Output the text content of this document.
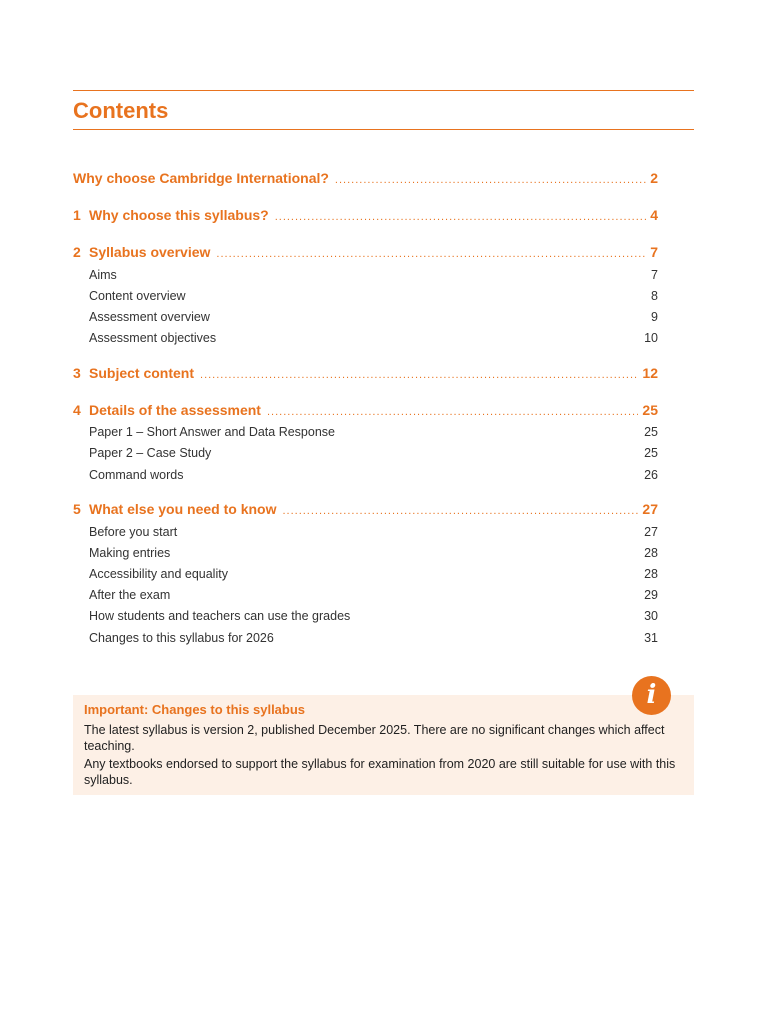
Contents
Why choose Cambridge International? .....	2
1 Why choose this syllabus? .....	4
2 Syllabus overview .....	7
Aims	7
Content overview	8
Assessment overview	9
Assessment objectives	10
3 Subject content .....	12
4 Details of the assessment .....	25
Paper 1 – Short Answer and Data Response	25
Paper 2 – Case Study	25
Command words	26
5 What else you need to know .....	27
Before you start	27
Making entries	28
Accessibility and equality	28
After the exam	29
How students and teachers can use the grades	30
Changes to this syllabus for 2026	31
Important: Changes to this syllabus

The latest syllabus is version 2, published December 2025. There are no significant changes which affect teaching.

Any textbooks endorsed to support the syllabus for examination from 2020 are still suitable for use with this syllabus.

i
